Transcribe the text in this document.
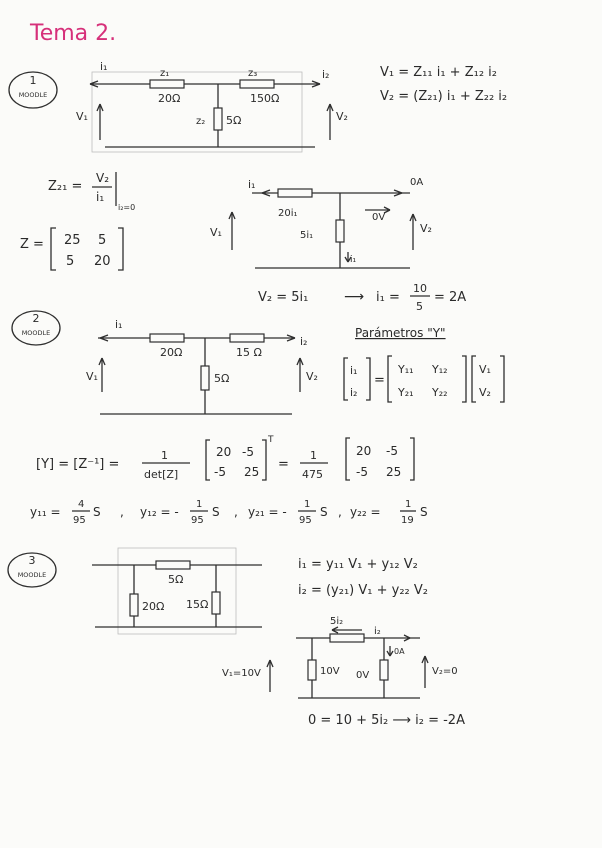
Tema 2.
1
MOODLE
i₁
i₂
z₁	z₃
z₂
20Ω	150Ω
5Ω
V₁	V₂
V₁ = Z₁₁ i₁ + Z₁₂ i₂
V₂ = (Z₂₁) i₁ + Z₂₂ i₂
Z₂₁ =
V₂
i₁
i₂=0
Z = 25 5
5 20
i₁	0A
20i₁	0V
5i₁
i₁
V₁	V₂
V₂ = 5i₁	⟶ i₁ =
10
5
= 2A
2
MOODLE
i₁
i₂
20Ω	15 Ω
5Ω
V₁	V₂
Parámetros "Y"
i₁
i₂
=
Y₁₁ Y₁₂
Y₂₁ Y₂₂
V₁
V₂
[Y] = [Z⁻¹] =
1
det[Z]
20 -5
-5 25
T
=
1
475
20 -5
-5 25
y₁₁ =
4
95
S , y₁₂ = -
1
95
S , y₂₁ = -
1
95
S , y₂₂ =
1
19
S
3
MOODLE	5Ω
20Ω 15Ω
i₁ = y₁₁ V₁ + y₁₂ V₂
i₂ = (y₂₁) V₁ + y₂₂ V₂
5i₂
i₂
10V 0V
0A
V₁=10V	V₂=0
0 = 10 + 5i₂ ⟶ i₂ = -2A
